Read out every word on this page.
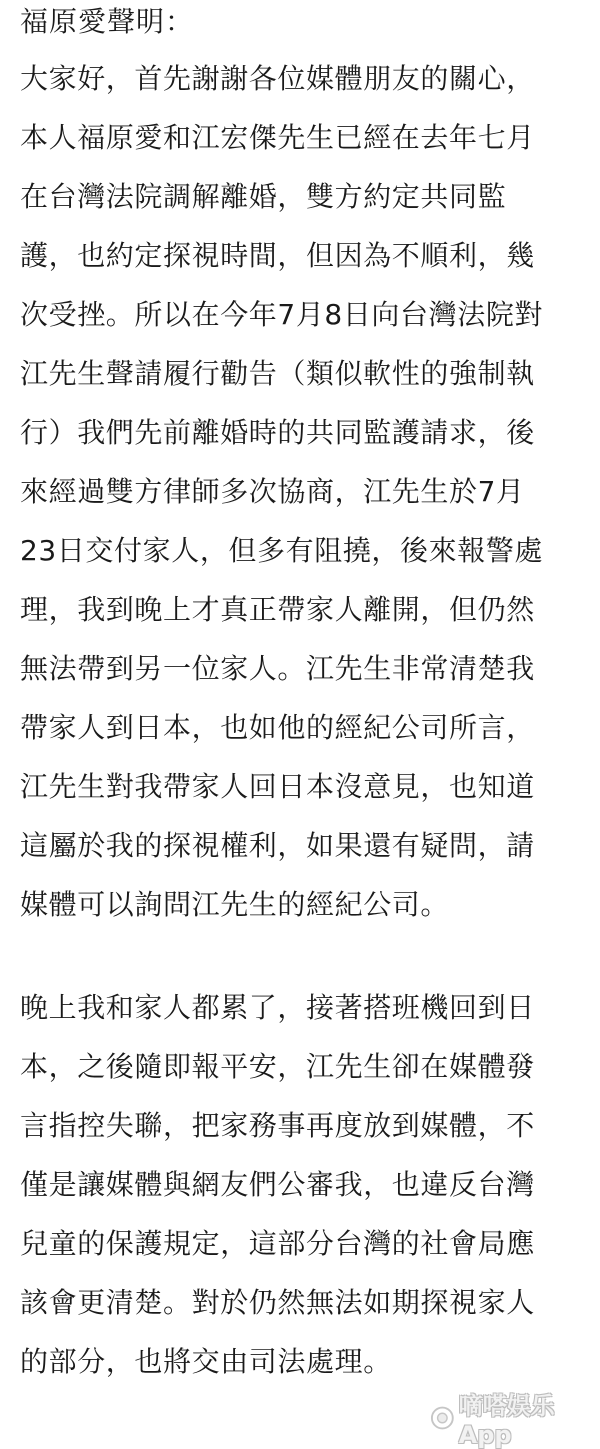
福原愛聲明：
大家好，首先謝謝各位媒體朋友的關心，
本人福原愛和江宏傑先生已經在去年七月
在台灣法院調解離婚，雙方約定共同監
護，也約定探視時間，但因為不順利，幾
次受挫。所以在今年7月8日向台灣法院對
江先生聲請履行勸告（類似軟性的強制執
行）我們先前離婚時的共同監護請求，後
來經過雙方律師多次協商，江先生於7月
23日交付家人，但多有阻撓，後來報警處
理，我到晚上才真正帶家人離開，但仍然
無法帶到另一位家人。江先生非常清楚我
帶家人到日本，也如他的經紀公司所言，
江先生對我帶家人回日本沒意見，也知道
這屬於我的探視權利，如果還有疑問，請
媒體可以詢問江先生的經紀公司。
晚上我和家人都累了，接著搭班機回到日
本，之後隨即報平安，江先生卻在媒體發
言指控失聯，把家務事再度放到媒體，不
僅是讓媒體與網友們公審我，也違反台灣
兒童的保護規定，這部分台灣的社會局應
該會更清楚。對於仍然無法如期探視家人
的部分，也將交由司法處理。
嘀嗒娱乐App
